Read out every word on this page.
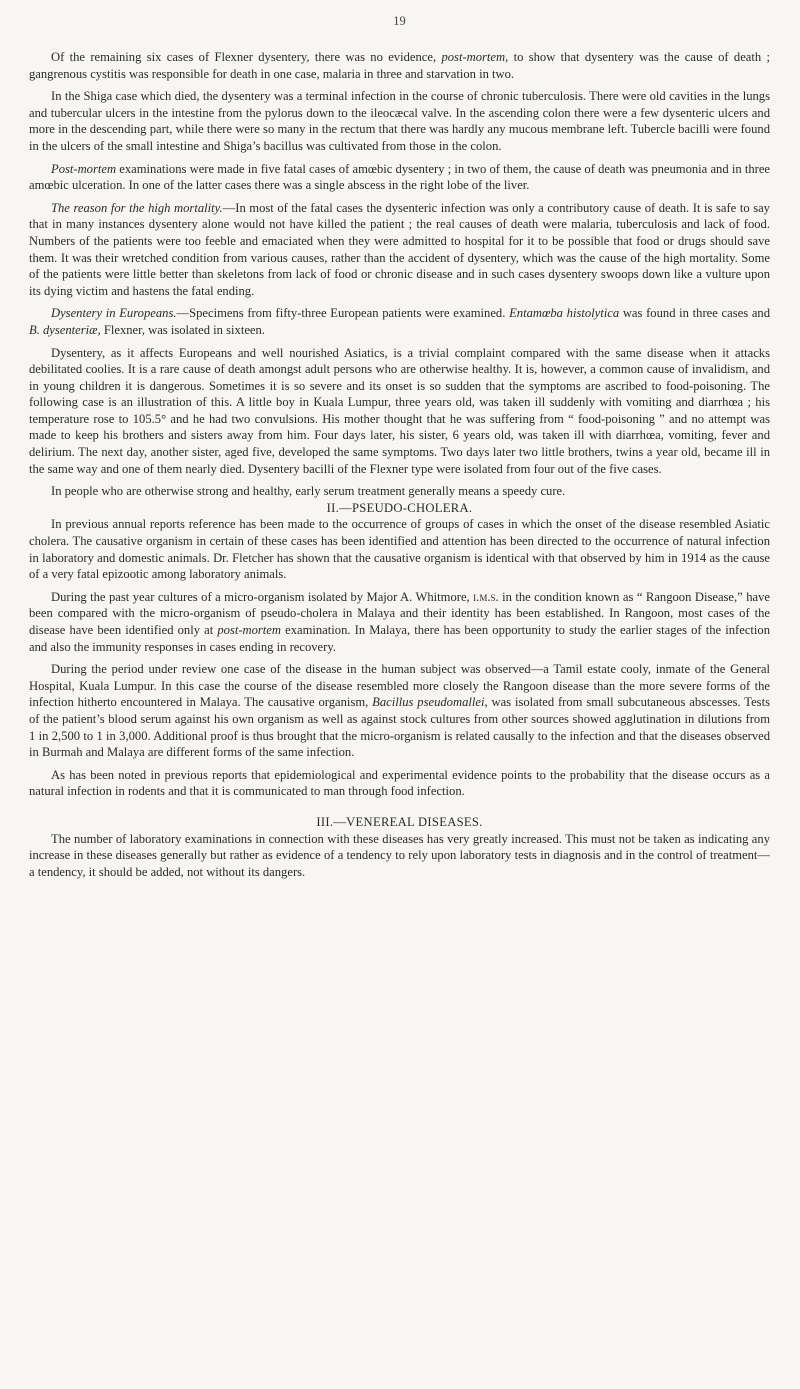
19

Of the remaining six cases of Flexner dysentery, there was no evidence, post-mortem, to show that dysentery was the cause of death ; gangrenous cystitis was responsible for death in one case, malaria in three and starvation in two.

In the Shiga case which died, the dysentery was a terminal infection in the course of chronic tuberculosis. There were old cavities in the lungs and tubercular ulcers in the intestine from the pylorus down to the ileocæcal valve. In the ascending colon there were a few dysenteric ulcers and more in the descending part, while there were so many in the rectum that there was hardly any mucous membrane left. Tubercle bacilli were found in the ulcers of the small intestine and Shiga’s bacillus was cultivated from those in the colon.

Post-mortem examinations were made in five fatal cases of amœbic dysentery ; in two of them, the cause of death was pneumonia and in three amœbic ulceration. In one of the latter cases there was a single abscess in the right lobe of the liver.

The reason for the high mortality.—In most of the fatal cases the dysenteric infection was only a contributory cause of death. It is safe to say that in many instances dysentery alone would not have killed the patient ; the real causes of death were malaria, tuberculosis and lack of food. Numbers of the patients were too feeble and emaciated when they were admitted to hospital for it to be possible that food or drugs should save them. It was their wretched condition from various causes, rather than the accident of dysentery, which was the cause of the high mortality. Some of the patients were little better than skeletons from lack of food or chronic disease and in such cases dysentery swoops down like a vulture upon its dying victim and hastens the fatal ending.

Dysentery in Europeans.—Specimens from fifty-three European patients were examined. Entamœba histolytica was found in three cases and B. dysenteriæ, Flexner, was isolated in sixteen.

Dysentery, as it affects Europeans and well nourished Asiatics, is a trivial complaint compared with the same disease when it attacks debilitated coolies. It is a rare cause of death amongst adult persons who are otherwise healthy. It is, however, a common cause of invalidism, and in young children it is dangerous. Sometimes it is so severe and its onset is so sudden that the symptoms are ascribed to food-poisoning. The following case is an illustration of this. A little boy in Kuala Lumpur, three years old, was taken ill suddenly with vomiting and diarrhœa ; his temperature rose to 105.5° and he had two convulsions. His mother thought that he was suffering from “ food-poisoning ” and no attempt was made to keep his brothers and sisters away from him. Four days later, his sister, 6 years old, was taken ill with diarrhœa, vomiting, fever and delirium. The next day, another sister, aged five, developed the same symptoms. Two days later two little brothers, twins a year old, became ill in the same way and one of them nearly died. Dysentery bacilli of the Flexner type were isolated from four out of the five cases.

In people who are otherwise strong and healthy, early serum treatment generally means a speedy cure.

II.—PSEUDO-CHOLERA.

In previous annual reports reference has been made to the occurrence of groups of cases in which the onset of the disease resembled Asiatic cholera. The causative organism in certain of these cases has been identified and attention has been directed to the occurrence of natural infection in laboratory and domestic animals. Dr. Fletcher has shown that the causative organism is identical with that observed by him in 1914 as the cause of a very fatal epizootic among laboratory animals.

During the past year cultures of a micro-organism isolated by Major A. Whitmore, i.m.s. in the condition known as “ Rangoon Disease,” have been compared with the micro-organism of pseudo-cholera in Malaya and their identity has been established. In Rangoon, most cases of the disease have been identified only at post-mortem examination. In Malaya, there has been opportunity to study the earlier stages of the infection and also the immunity responses in cases ending in recovery.

During the period under review one case of the disease in the human subject was observed—a Tamil estate cooly, inmate of the General Hospital, Kuala Lumpur. In this case the course of the disease resembled more closely the Rangoon disease than the more severe forms of the infection hitherto encountered in Malaya. The causative organism, Bacillus pseudomallei, was isolated from small subcutaneous abscesses. Tests of the patient’s blood serum against his own organism as well as against stock cultures from other sources showed agglutination in dilutions from 1 in 2,500 to 1 in 3,000. Additional proof is thus brought that the micro-organism is related causally to the infection and that the diseases observed in Burmah and Malaya are different forms of the same infection.

As has been noted in previous reports that epidemiological and experimental evidence points to the probability that the disease occurs as a natural infection in rodents and that it is communicated to man through food infection.

III.—VENEREAL DISEASES.

The number of laboratory examinations in connection with these diseases has very greatly increased. This must not be taken as indicating any increase in these diseases generally but rather as evidence of a tendency to rely upon laboratory tests in diagnosis and in the control of treatment—a tendency, it should be added, not without its dangers.
